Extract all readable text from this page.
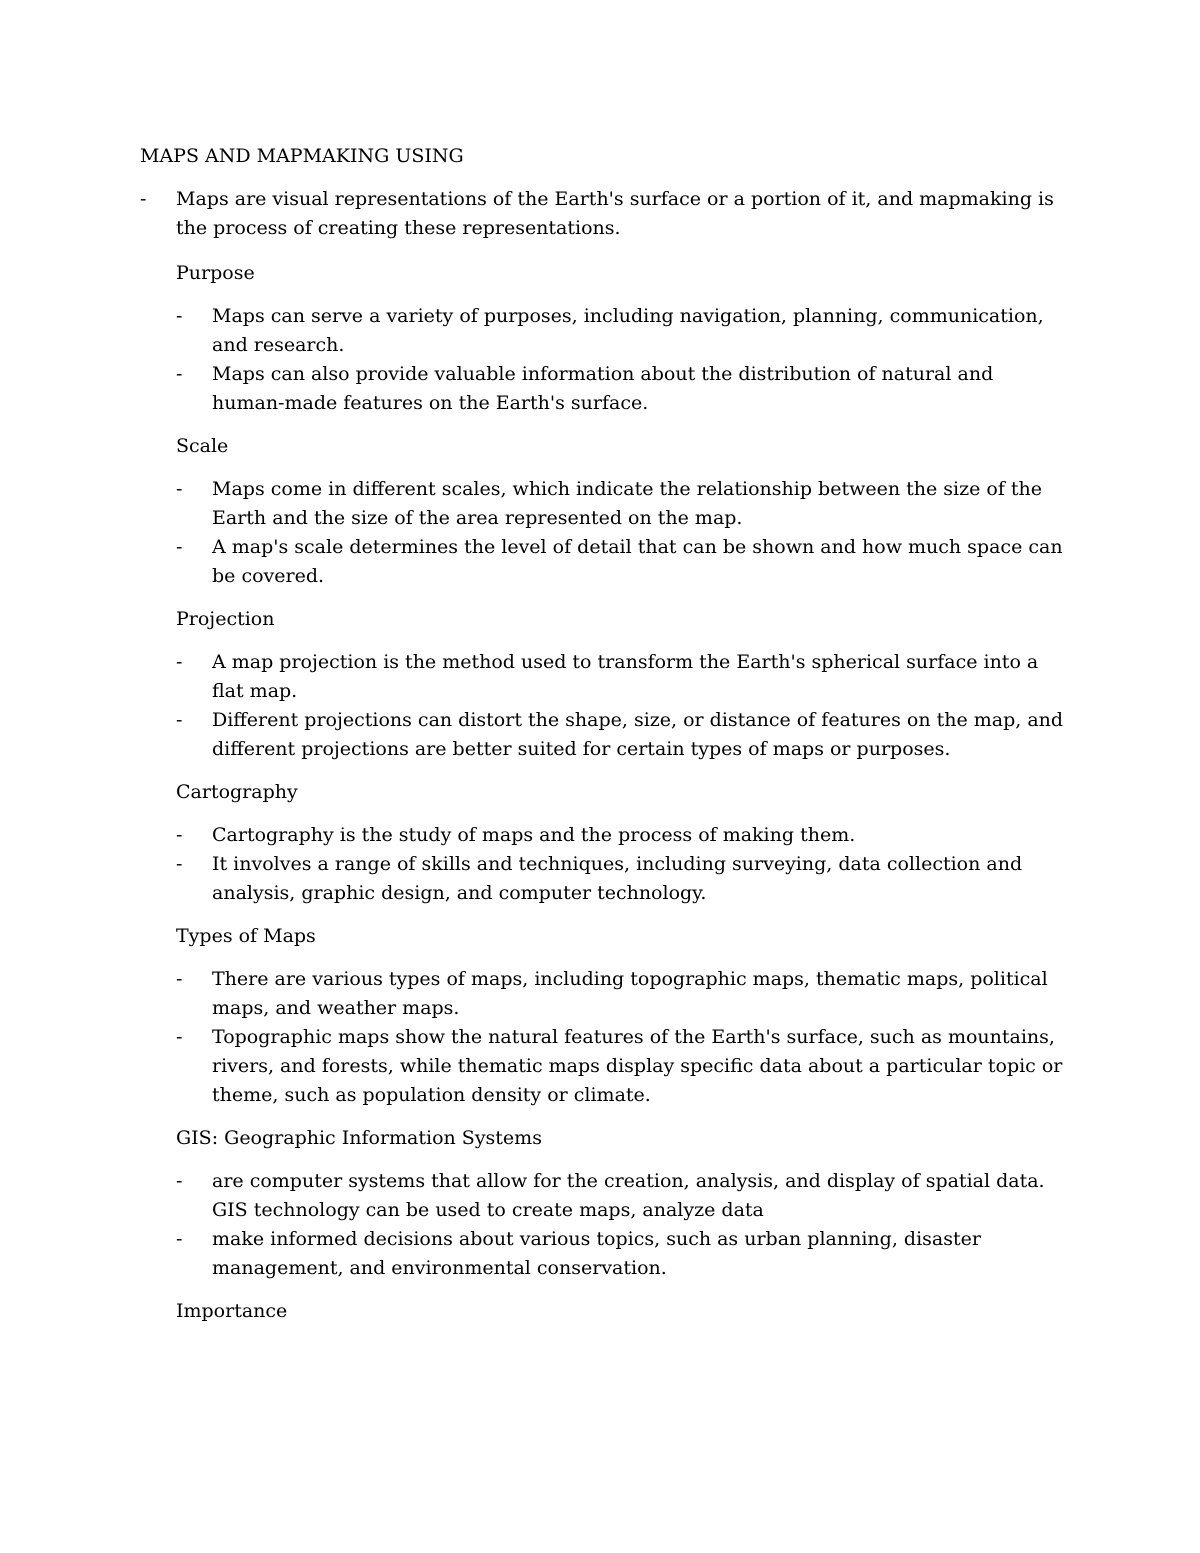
MAPS AND MAPMAKING USING
-	Maps are visual representations of the Earth's surface or a portion of it, and mapmaking is the process of creating these representations.
Purpose
-	Maps can serve a variety of purposes, including navigation, planning, communication, and research.
-	Maps can also provide valuable information about the distribution of natural and human-made features on the Earth's surface.
Scale
-	Maps come in different scales, which indicate the relationship between the size of the Earth and the size of the area represented on the map.
-	A map's scale determines the level of detail that can be shown and how much space can be covered.
Projection
-	A map projection is the method used to transform the Earth's spherical surface into a flat map.
-	Different projections can distort the shape, size, or distance of features on the map, and different projections are better suited for certain types of maps or purposes.
Cartography
-	Cartography is the study of maps and the process of making them.
-	It involves a range of skills and techniques, including surveying, data collection and analysis, graphic design, and computer technology.
Types of Maps
-	There are various types of maps, including topographic maps, thematic maps, political maps, and weather maps.
-	Topographic maps show the natural features of the Earth's surface, such as mountains, rivers, and forests, while thematic maps display specific data about a particular topic or theme, such as population density or climate.
GIS: Geographic Information Systems
-	are computer systems that allow for the creation, analysis, and display of spatial data. GIS technology can be used to create maps, analyze data
-	make informed decisions about various topics, such as urban planning, disaster management, and environmental conservation.
Importance
